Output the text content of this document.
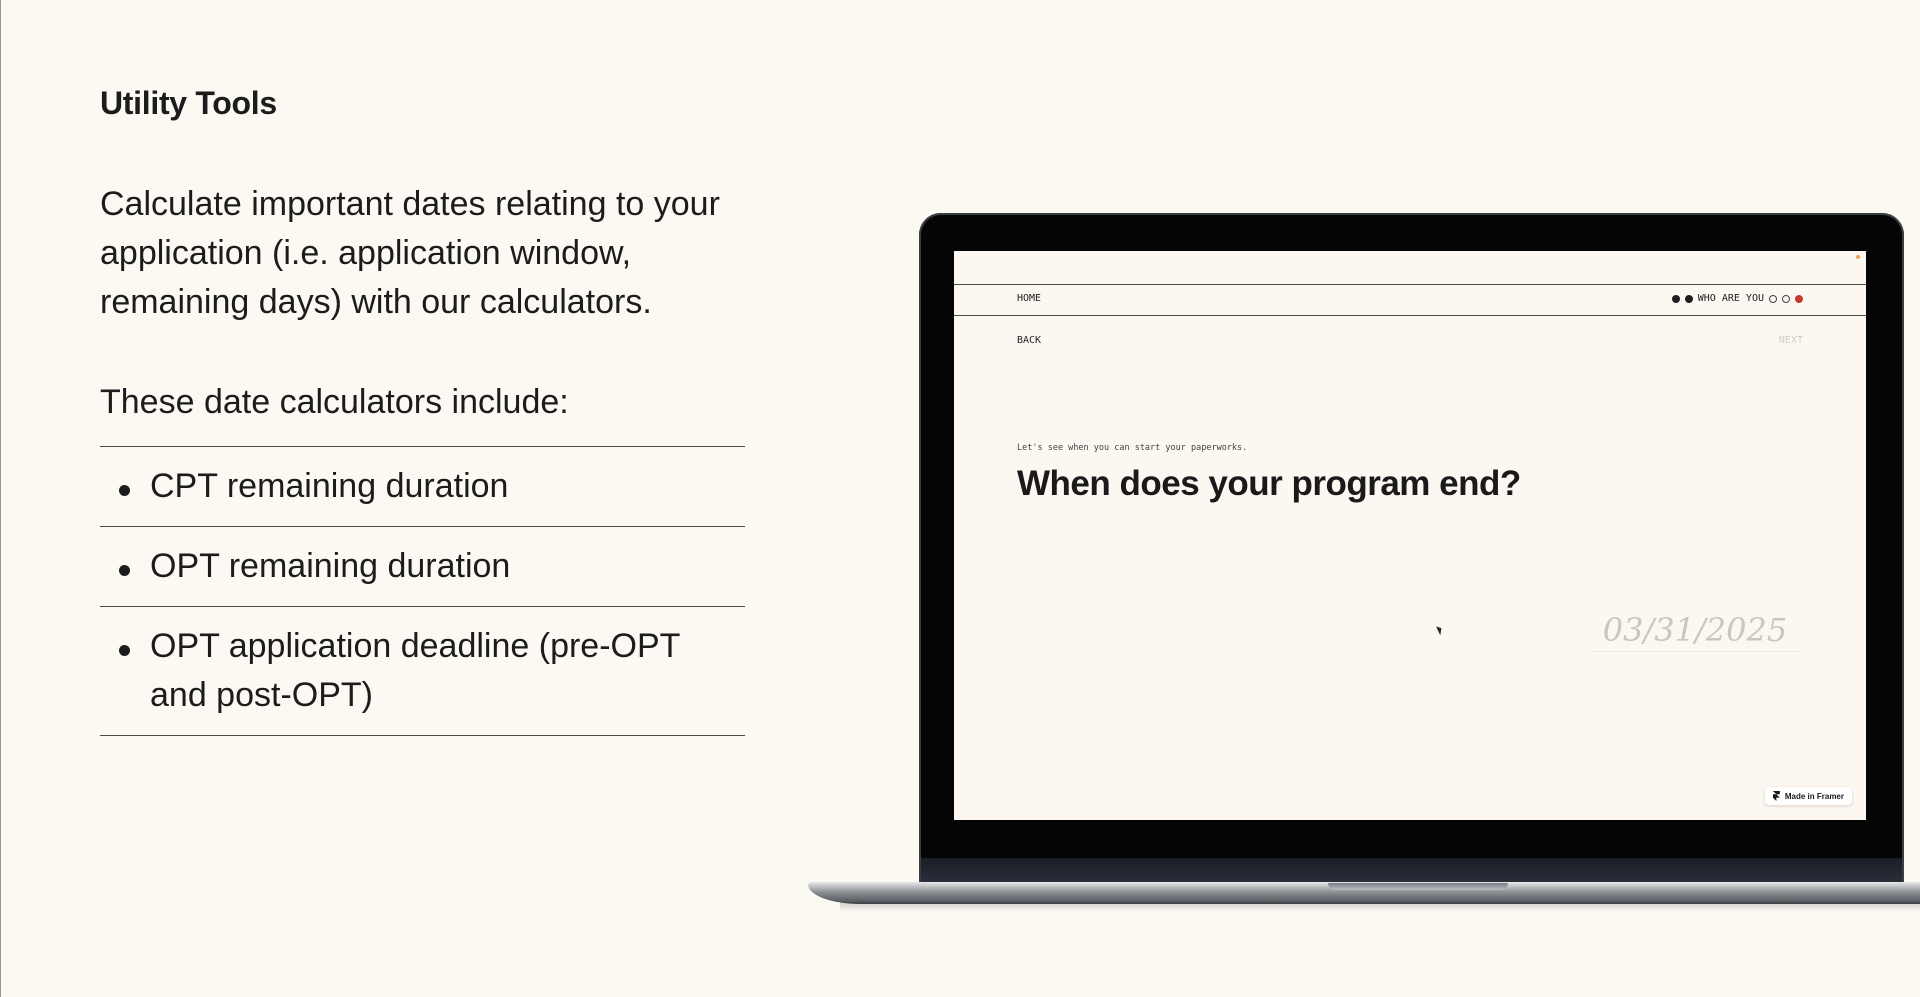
Utility Tools

Calculate important dates relating to your application (i.e. application window, remaining days) with our calculators.

These date calculators include:

CPT remaining duration
OPT remaining duration
OPT application deadline (pre-OPT and post-OPT)
HOME	WHO ARE YOU
BACK	NEXT

Let's see when you can start your paperworks.

When does your program end?
03/31/2025
Made in Framer
